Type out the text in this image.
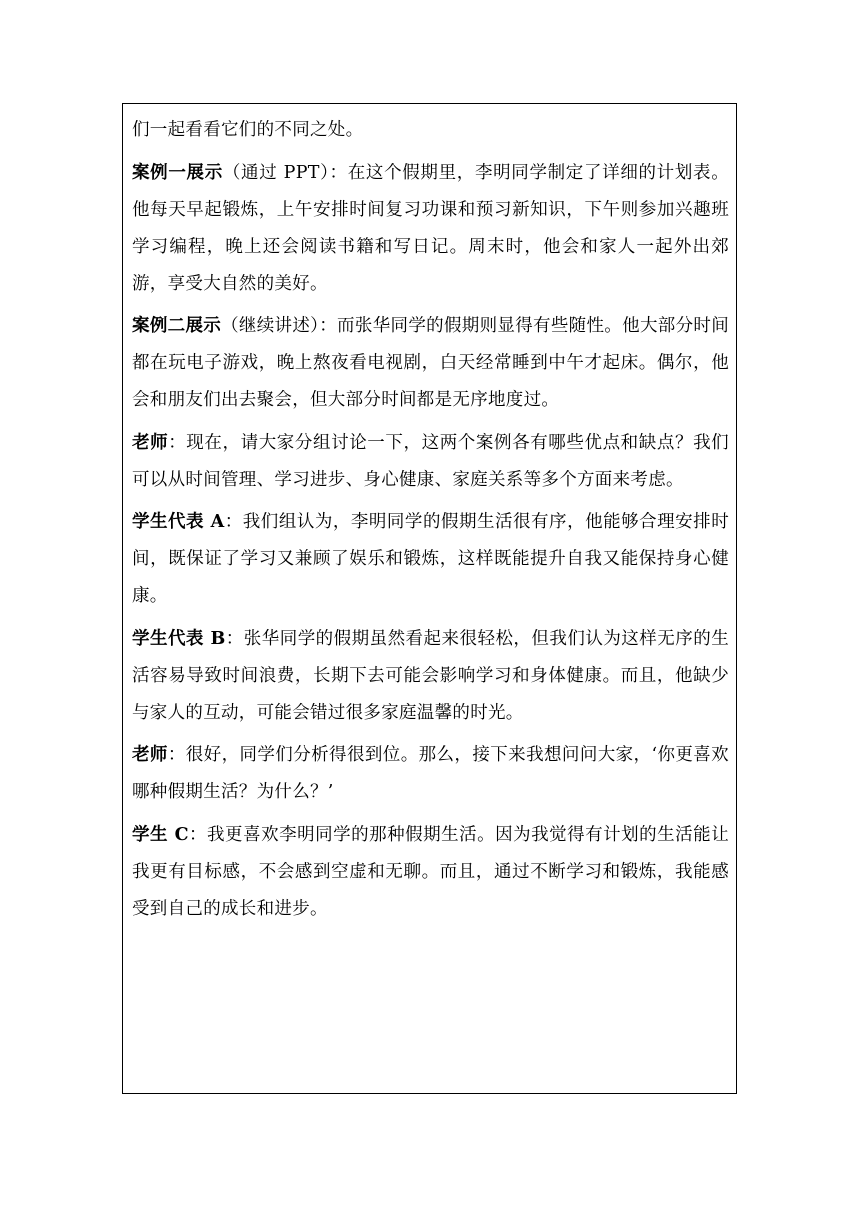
们一起看看它们的不同之处。

案例一展示（通过 PPT）：在这个假期里，李明同学制定了详细的计划表。他每天早起锻炼，上午安排时间复习功课和预习新知识，下午则参加兴趣班学习编程，晚上还会阅读书籍和写日记。周末时，他会和家人一起外出郊游，享受大自然的美好。

案例二展示（继续讲述）：而张华同学的假期则显得有些随性。他大部分时间都在玩电子游戏，晚上熬夜看电视剧，白天经常睡到中午才起床。偶尔，他会和朋友们出去聚会，但大部分时间都是无序地度过。

老师：现在，请大家分组讨论一下，这两个案例各有哪些优点和缺点？我们可以从时间管理、学习进步、身心健康、家庭关系等多个方面来考虑。

学生代表 A：我们组认为，李明同学的假期生活很有序，他能够合理安排时间，既保证了学习又兼顾了娱乐和锻炼，这样既能提升自我又能保持身心健康。

学生代表 B：张华同学的假期虽然看起来很轻松，但我们认为这样无序的生活容易导致时间浪费，长期下去可能会影响学习和身体健康。而且，他缺少与家人的互动，可能会错过很多家庭温馨的时光。

老师：很好，同学们分析得很到位。那么，接下来我想问问大家，‘你更喜欢哪种假期生活？为什么？’

学生 C：我更喜欢李明同学的那种假期生活。因为我觉得有计划的生活能让我更有目标感，不会感到空虚和无聊。而且，通过不断学习和锻炼，我能感受到自己的成长和进步。
